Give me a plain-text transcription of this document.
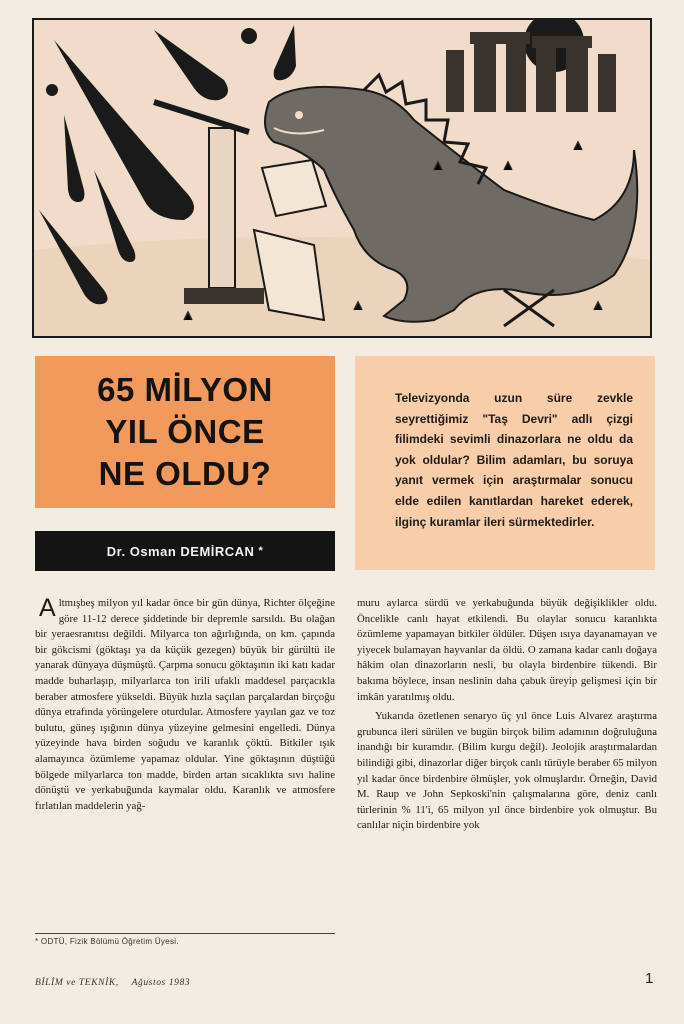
65 MİLYON
YIL ÖNCE
NE OLDU?
Dr. Osman DEMİRCAN *

Televizyonda uzun süre zevkle seyrettiğimiz "Taş Devri" adlı çizgi filimdeki sevimli dinazorlara ne oldu da yok oldular? Bilim adamları, bu soruya yanıt vermek için araştırmalar sonucu elde edilen kanıtlardan hareket ederek, ilginç kuramlar ileri sürmektedirler.

Altmışbeş milyon yıl kadar önce bir gün dünya, Richter ölçeğine göre 11-12 derece şiddetinde bir depremle sarsıldı. Bu olağan bir yeraesranıtısı değildi. Milyarca ton ağırlığında, on km. çapında bir gökcismi (göktaşı ya da küçük gezegen) büyük bir gürültü ile yanarak dünyaya düşmüştü. Çarpma sonucu göktaşının iki katı kadar madde buharlaşıp, milyarlarca ton irili ufaklı maddesel parçacıkla beraber atmosfere yükseldi. Büyük hızla saçılan parçalardan birçoğu dünya etrafında yörüngelere oturdular. Atmosfere yayılan gaz ve toz bulutu, güneş ışığının dünya yüzeyine gelmesini engelledi. Dünya yüzeyinde hava birden soğudu ve karanlık çöktü. Bitkiler ışık alamayınca özümleme yapamaz oldular. Yine göktaşının düştüğü bölgede milyarlarca ton madde, birden artan sıcaklıkta sıvı haline dönüştü ve yerkabuğunda kaymalar oldu. Karanlık ve atmosfere fırlatılan maddelerin yağ-

muru aylarca sürdü ve yerkabuğunda büyük değişiklikler oldu. Öncelikle canlı hayat etkilendi. Bu olaylar sonucu karanlıkta özümleme yapamayan bitkiler öldüler. Düşen ısıya dayanamayan ve yiyecek bulamayan hayvanlar da öldü. O zamana kadar canlı doğaya hâkim olan dinazorların nesli, bu olayla birdenbire tükendi. Bir bakıma böylece, insan neslinin daha çabuk üreyip gelişmesi için bir imkân yaratılmış oldu.

Yukarıda özetlenen senaryo üç yıl önce Luis Alvarez araştırma grubunca ileri sürülen ve bugün birçok bilim adamının doğruluğuna inandığı bir kuramdır. (Bilim kurgu değil). Jeolojik araştırmalardan bilindiği gibi, dinazorlar diğer birçok canlı türüyle beraber 65 milyon yıl kadar önce birdenbire ölmüşler, yok olmuşlardır. Örneğin, David M. Raup ve John Sepkoski'nin çalışmalarına göre, deniz canlı türlerinin % 11'i, 65 milyon yıl önce birdenbire yok olmuştur. Bu canlılar niçin birdenbire yok

* ODTÜ, Fizik Bölümü Öğretim Üyesi.
BİLİM ve TEKNİK, Ağustos 1983	1
